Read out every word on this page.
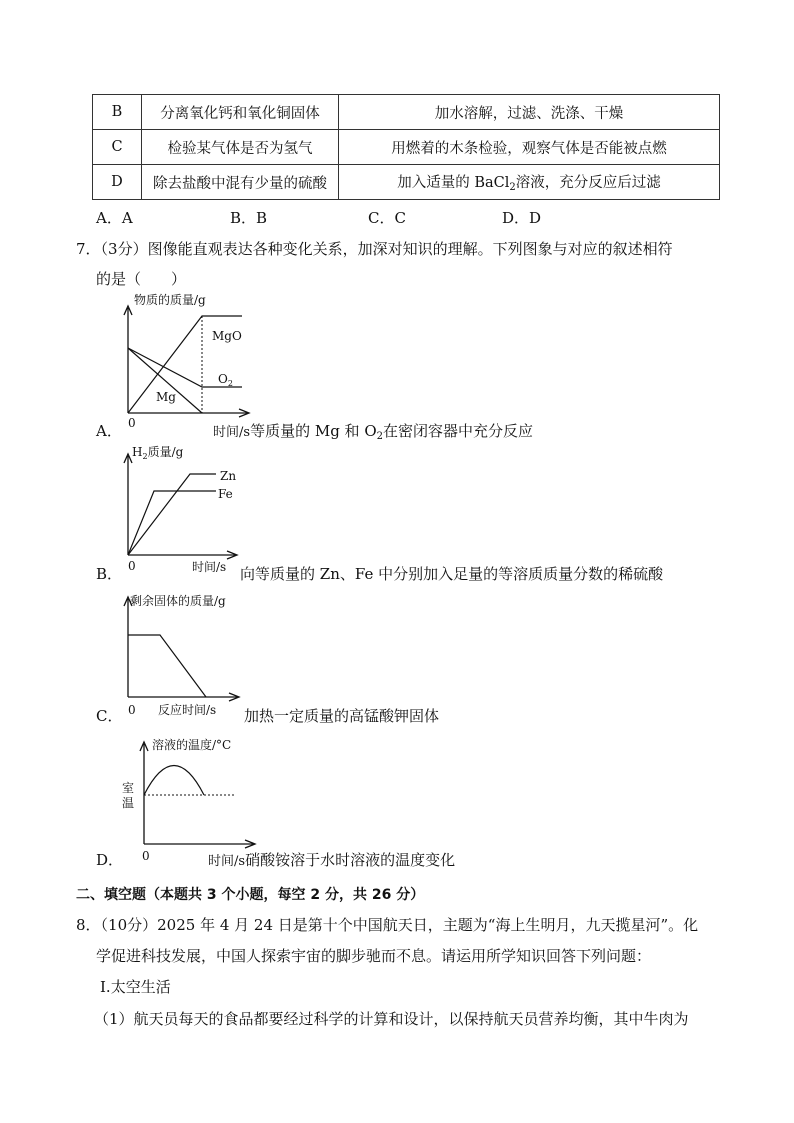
B	分离氧化钙和氧化铜固体	加水溶解，过滤、洗涤、干燥
C	检验某气体是否为氢气	用燃着的木条检验，观察气体是否能被点燃
D	除去盐酸中混有少量的硫酸	加入适量的 BaCl$_2$溶液，充分反应后过滤
A．A	B．B	C．C	D．D
7．（3分）图像能直观表达各种变化关系，加深对知识的理解。下列图象与对应的叙述相符
的是（　　）
物质的质量/g
0
MgO
$O_2$
Mg
A．	时间/s等质量的 Mg 和 $O_2$在密闭容器中充分反应
$H_2$质量/g
0
Zn
Fe
时间/s
B．	向等质量的 Zn、Fe 中分别加入足量的等溶质质量分数的稀硫酸
剩余固体的质量/g
0 反应时间/s
C．	加热一定质量的高锰酸钾固体
溶液的温度/°C
0
室
温
D．	时间/s硝酸铵溶于水时溶液的温度变化
二、填空题（本题共 3 个小题，每空 2 分，共 26 分）
8．（10分）2025 年 4 月 24 日是第十个中国航天日，主题为“海上生明月，九天揽星河”。化
学促进科技发展，中国人探索宇宙的脚步驰而不息。请运用所学知识回答下列问题：
Ⅰ.太空生活
（1）航天员每天的食品都要经过科学的计算和设计，以保持航天员营养均衡，其中牛肉为
